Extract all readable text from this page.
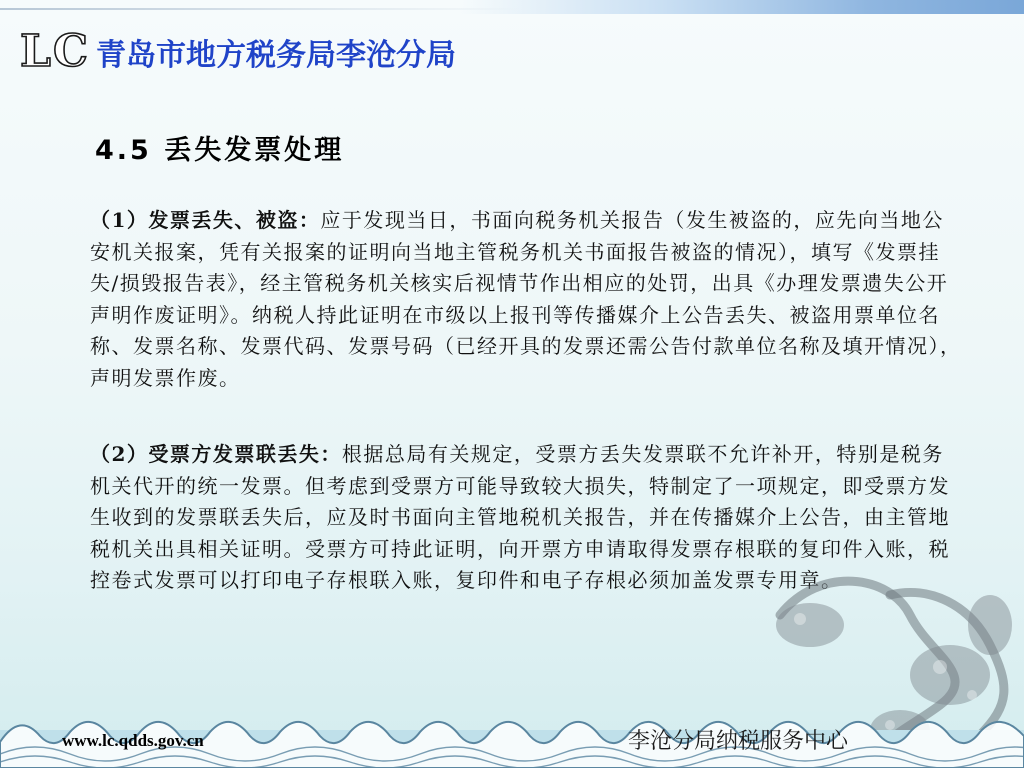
LC 青岛市地方税务局李沧分局
4.5 丢失发票处理

（1）发票丢失、被盗：应于发现当日，书面向税务机关报告（发生被盗的，应先向当地公安机关报案，凭有关报案的证明向当地主管税务机关书面报告被盗的情况），填写《发票挂失/损毁报告表》，经主管税务机关核实后视情节作出相应的处罚，出具《办理发票遗失公开声明作废证明》。纳税人持此证明在市级以上报刊等传播媒介上公告丢失、被盗用票单位名称、发票名称、发票代码、发票号码（已经开具的发票还需公告付款单位名称及填开情况），声明发票作废。

（2）受票方发票联丢失：根据总局有关规定，受票方丢失发票联不允许补开，特别是税务机关代开的统一发票。但考虑到受票方可能导致较大损失，特制定了一项规定，即受票方发生收到的发票联丢失后，应及时书面向主管地税机关报告，并在传播媒介上公告，由主管地税机关出具相关证明。受票方可持此证明，向开票方申请取得发票存根联的复印件入账，税控卷式发票可以打印电子存根联入账，复印件和电子存根必须加盖发票专用章。

www.lc.qdds.gov.cn	李沧分局纳税服务中心
